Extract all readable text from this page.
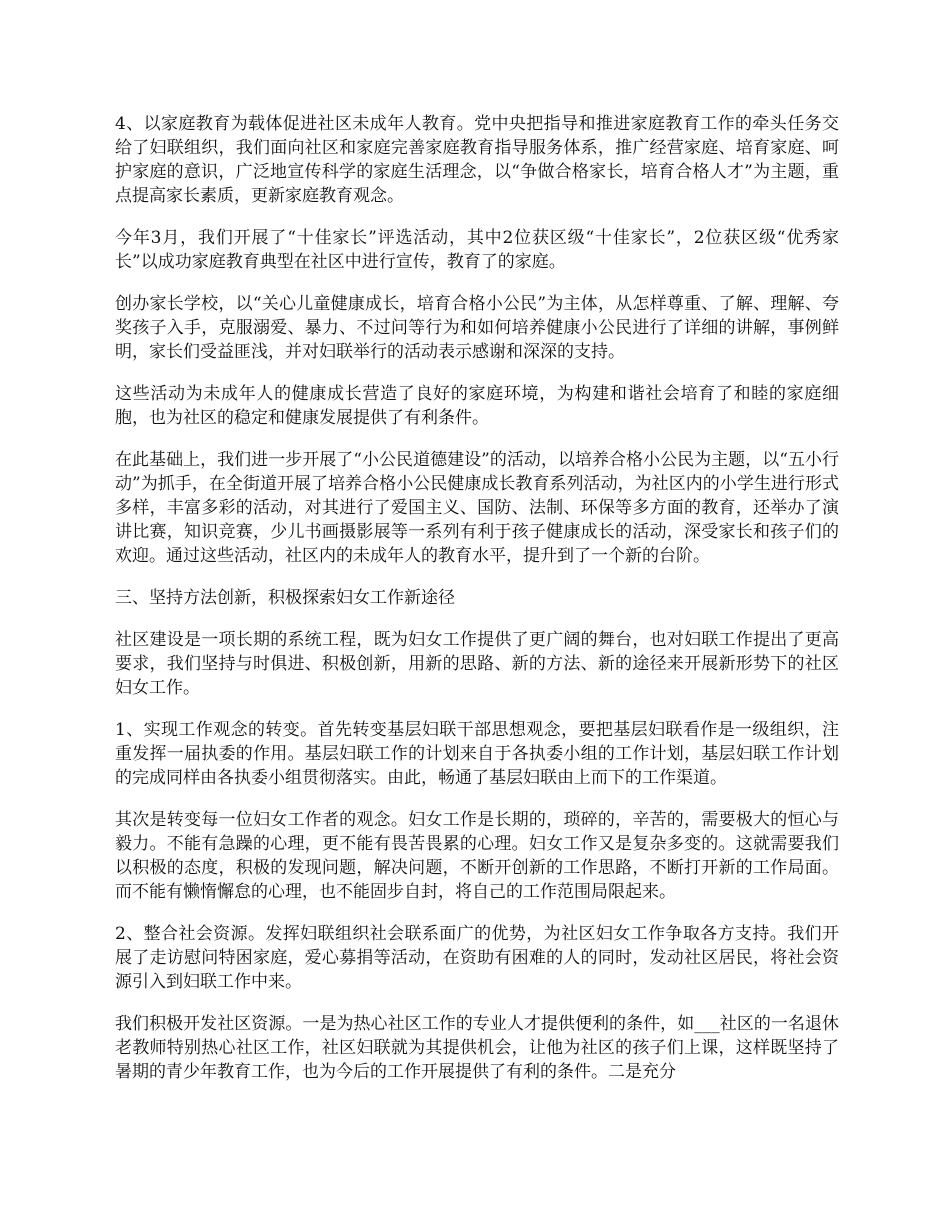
4、以家庭教育为载体促进社区未成年人教育。党中央把指导和推进家庭教育工作的牵头任务交给了妇联组织，我们面向社区和家庭完善家庭教育指导服务体系，推广经营家庭、培育家庭、呵护家庭的意识，广泛地宣传科学的家庭生活理念，以“争做合格家长，培育合格人才”为主题，重点提高家长素质，更新家庭教育观念。

今年3月，我们开展了“十佳家长”评选活动，其中2位获区级“十佳家长”，2位获区级“优秀家长”以成功家庭教育典型在社区中进行宣传，教育了的家庭。

创办家长学校，以“关心儿童健康成长，培育合格小公民”为主体，从怎样尊重、了解、理解、夸奖孩子入手，克服溺爱、暴力、不过问等行为和如何培养健康小公民进行了详细的讲解，事例鲜明，家长们受益匪浅，并对妇联举行的活动表示感谢和深深的支持。

这些活动为未成年人的健康成长营造了良好的家庭环境，为构建和谐社会培育了和睦的家庭细胞，也为社区的稳定和健康发展提供了有利条件。

在此基础上，我们进一步开展了“小公民道德建设”的活动，以培养合格小公民为主题，以“五小行动”为抓手，在全街道开展了培养合格小公民健康成长教育系列活动，为社区内的小学生进行形式多样，丰富多彩的活动，对其进行了爱国主义、国防、法制、环保等多方面的教育，还举办了演讲比赛，知识竞赛，少儿书画摄影展等一系列有利于孩子健康成长的活动，深受家长和孩子们的欢迎。通过这些活动，社区内的未成年人的教育水平，提升到了一个新的台阶。

三、坚持方法创新，积极探索妇女工作新途径

社区建设是一项长期的系统工程，既为妇女工作提供了更广阔的舞台，也对妇联工作提出了更高要求，我们坚持与时俱进、积极创新，用新的思路、新的方法、新的途径来开展新形势下的社区妇女工作。

1、实现工作观念的转变。首先转变基层妇联干部思想观念，要把基层妇联看作是一级组织，注重发挥一届执委的作用。基层妇联工作的计划来自于各执委小组的工作计划，基层妇联工作计划的完成同样由各执委小组贯彻落实。由此，畅通了基层妇联由上而下的工作渠道。

其次是转变每一位妇女工作者的观念。妇女工作是长期的，琐碎的，辛苦的，需要极大的恒心与毅力。不能有急躁的心理，更不能有畏苦畏累的心理。妇女工作又是复杂多变的。这就需要我们以积极的态度，积极的发现问题，解决问题，不断开创新的工作思路，不断打开新的工作局面。而不能有懒惰懈怠的心理，也不能固步自封，将自己的工作范围局限起来。

2、整合社会资源。发挥妇联组织社会联系面广的优势，为社区妇女工作争取各方支持。我们开展了走访慰问特困家庭，爱心募捐等活动，在资助有困难的人的同时，发动社区居民，将社会资源引入到妇联工作中来。

我们积极开发社区资源。一是为热心社区工作的专业人才提供便利的条件，如___社区的一名退休老教师特别热心社区工作，社区妇联就为其提供机会，让他为社区的孩子们上课，这样既坚持了暑期的青少年教育工作，也为今后的工作开展提供了有利的条件。二是充分
